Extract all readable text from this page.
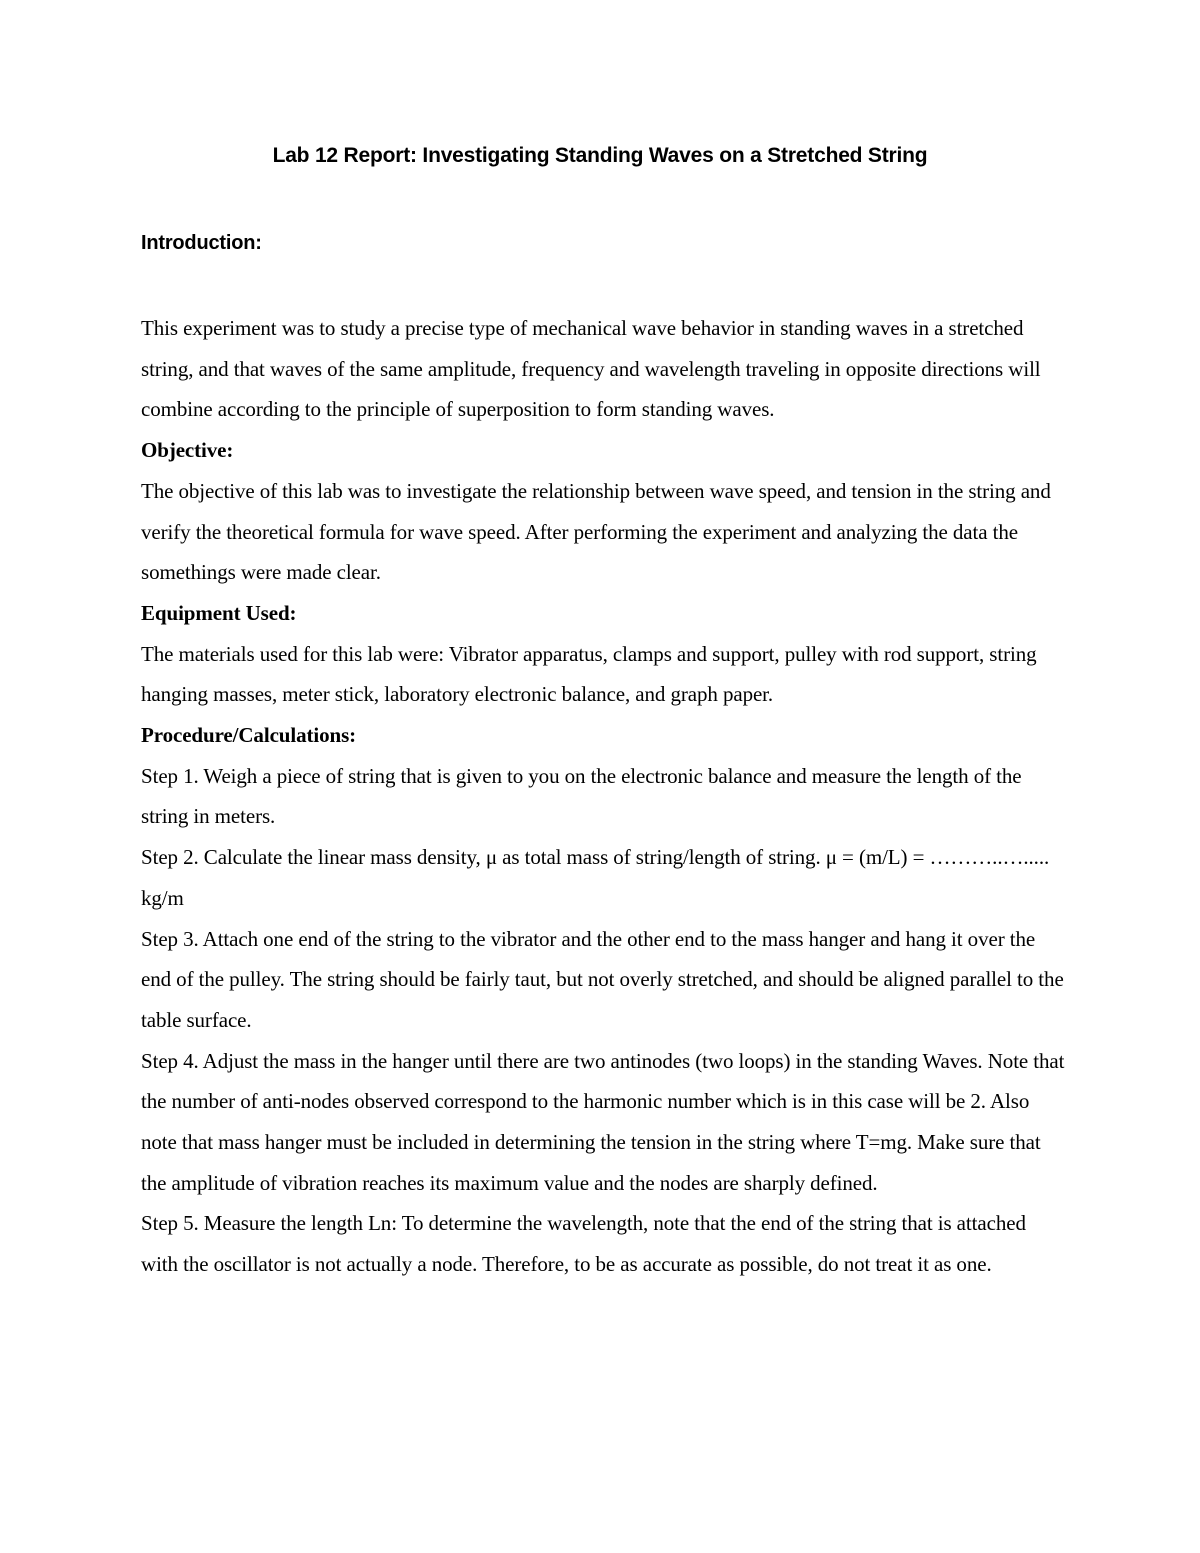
Lab 12 Report: Investigating Standing Waves on a Stretched String
Introduction:

This experiment was to study a precise type of mechanical wave behavior in standing waves in a stretched string, and that waves of the same amplitude, frequency and wavelength traveling in opposite directions will combine according to the principle of superposition to form standing waves.

Objective:

The objective of this lab was to investigate the relationship between wave speed, and tension in the string and verify the theoretical formula for wave speed. After performing the experiment and analyzing the data the somethings were made clear.

Equipment Used:

The materials used for this lab were: Vibrator apparatus, clamps and support, pulley with rod support, string hanging masses, meter stick, laboratory electronic balance, and graph paper.

Procedure/Calculations:

Step 1. Weigh a piece of string that is given to you on the electronic balance and measure the length of the string in meters.

Step 2. Calculate the linear mass density, μ as total mass of string/length of string. μ = (m/L) = ………..…..... kg/m

Step 3. Attach one end of the string to the vibrator and the other end to the mass hanger and hang it over the end of the pulley. The string should be fairly taut, but not overly stretched, and should be aligned parallel to the table surface.

Step 4. Adjust the mass in the hanger until there are two antinodes (two loops) in the standing Waves. Note that the number of anti-nodes observed correspond to the harmonic number which is in this case will be 2. Also note that mass hanger must be included in determining the tension in the string where T=mg. Make sure that the amplitude of vibration reaches its maximum value and the nodes are sharply defined.

Step 5. Measure the length Ln: To determine the wavelength, note that the end of the string that is attached with the oscillator is not actually a node. Therefore, to be as accurate as possible, do not treat it as one.
